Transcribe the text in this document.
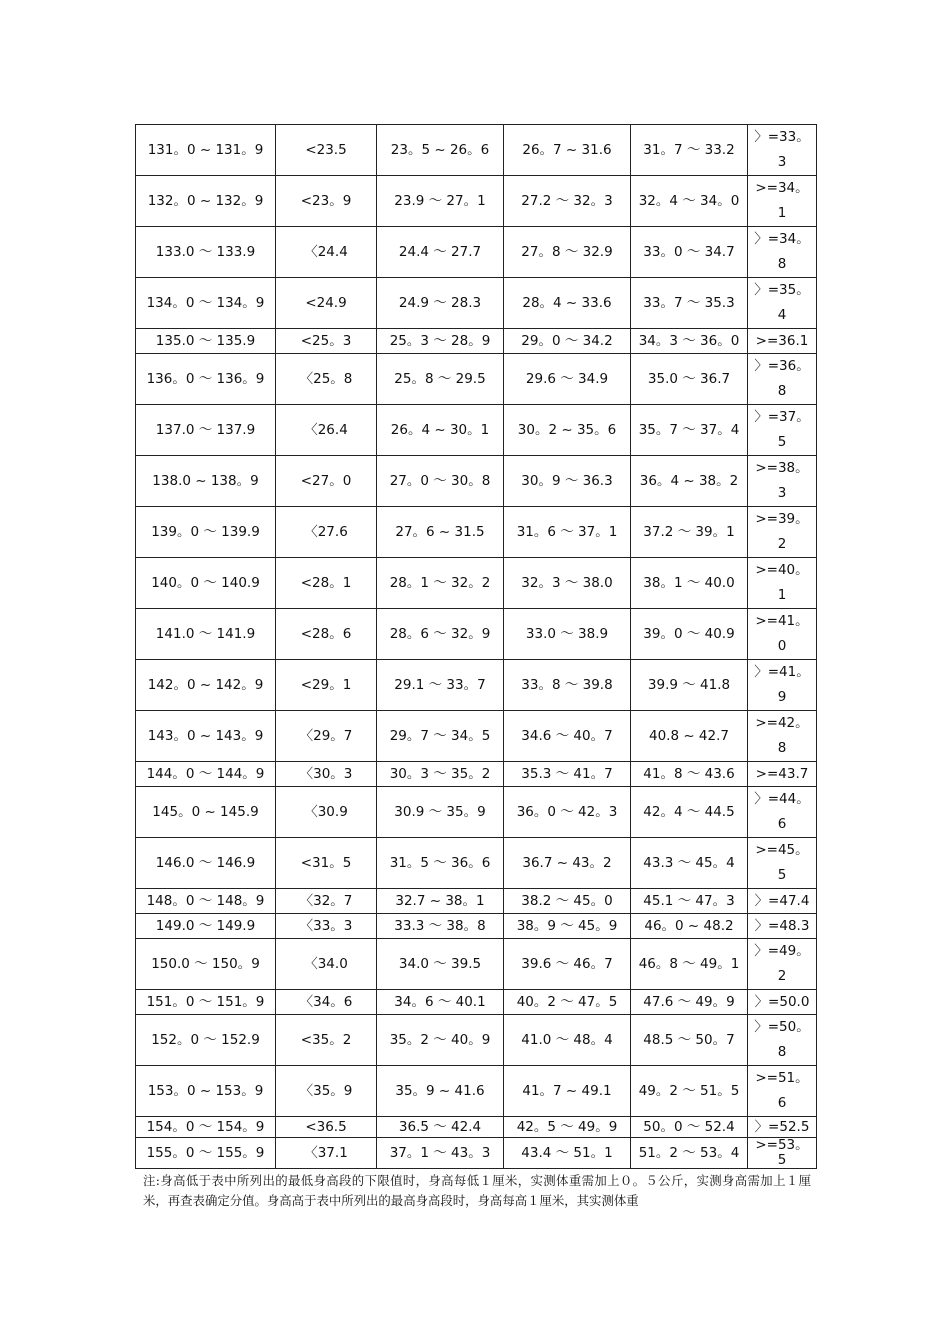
131。0 ~ 131。9	<23.5	23。5 ~ 26。6	26。7 ~ 31.6	31。7 ～ 33.2	〉=33。3
132。0 ~ 132。9	<23。9	23.9 ～ 27。1	27.2 ～ 32。3	32。4 ～ 34。0	>=34。1
133.0 ～ 133.9	〈24.4	24.4 ～ 27.7	27。8 ～ 32.9	33。0 ～ 34.7	〉=34。8
134。0 ～ 134。9	<24.9	24.9 ～ 28.3	28。4 ~ 33.6	33。7 ～ 35.3	〉=35。4
135.0 ～ 135.9	<25。3	25。3 ～ 28。9	29。0 ～ 34.2	34。3 ～ 36。0	>=36.1
136。0 ～ 136。9	〈25。8	25。8 ～ 29.5	29.6 ～ 34.9	35.0 ～ 36.7	〉=36。8
137.0 ～ 137.9	〈26.4	26。4 ~ 30。1	30。2 ~ 35。6	35。7 ～ 37。4	〉=37。5
138.0 ~ 138。9	<27。0	27。0 ～ 30。8	30。9 ～ 36.3	36。4 ~ 38。2	>=38。3
139。0 ～ 139.9	〈27.6	27。6 ~ 31.5	31。6 ～ 37。1	37.2 ～ 39。1	>=39。2
140。0 ～ 140.9	<28。1	28。1 ～ 32。2	32。3 ～ 38.0	38。1 ～ 40.0	>=40。1
141.0 ～ 141.9	<28。6	28。6 ～ 32。9	33.0 ～ 38.9	39。0 ～ 40.9	>=41。0
142。0 ~ 142。9	<29。1	29.1 ～ 33。7	33。8 ～ 39.8	39.9 ～ 41.8	〉=41。9
143。0 ~ 143。9	〈29。7	29。7 ～ 34。5	34.6 ～ 40。7	40.8 ~ 42.7	>=42。8
144。0 ～ 144。9	〈30。3	30。3 ～ 35。2	35.3 ～ 41。7	41。8 ～ 43.6	>=43.7
145。0 ~ 145.9	〈30.9	30.9 ～ 35。9	36。0 ～ 42。3	42。4 ～ 44.5	〉=44。6
146.0 ～ 146.9	<31。5	31。5 ～ 36。6	36.7 ~ 43。2	43.3 ～ 45。4	>=45。5
148。0 ～ 148。9	〈32。7	32.7 ~ 38。1	38.2 ～ 45。0	45.1 ～ 47。3	〉=47.4
149.0 ～ 149.9	〈33。3	33.3 ～ 38。8	38。9 ～ 45。9	46。0 ~ 48.2	〉=48.3
150.0 ～ 150。9	〈34.0	34.0 ～ 39.5	39.6 ～ 46。7	46。8 ～ 49。1	〉=49。2
151。0 ～ 151。9	〈34。6	34。6 ～ 40.1	40。2 ～ 47。5	47.6 ～ 49。9	〉=50.0
152。0 ～ 152.9	<35。2	35。2 ～ 40。9	41.0 ～ 48。4	48.5 ～ 50。7	〉=50。8
153。0 ~ 153。9	〈35。9	35。9 ~ 41.6	41。7 ~ 49.1	49。2 ～ 51。5	>=51。6
154。0 ～ 154。9	<36.5	36.5 ～ 42.4	42。5 ～ 49。9	50。0 ～ 52.4	〉=52.5
155。0 ～ 155。9	〈37.1	37。1 ～ 43。3	43.4 ～ 51。1	51。2 ～ 53。4	>=53。5
注:身高低于表中所列出的最低身高段的下限值时，身高每低１厘米，实测体重需加上０。５公斤，实测身高需加上１厘米，再查表确定分值。身高高于表中所列出的最高身高段时，身高每高１厘米，其实测体重
